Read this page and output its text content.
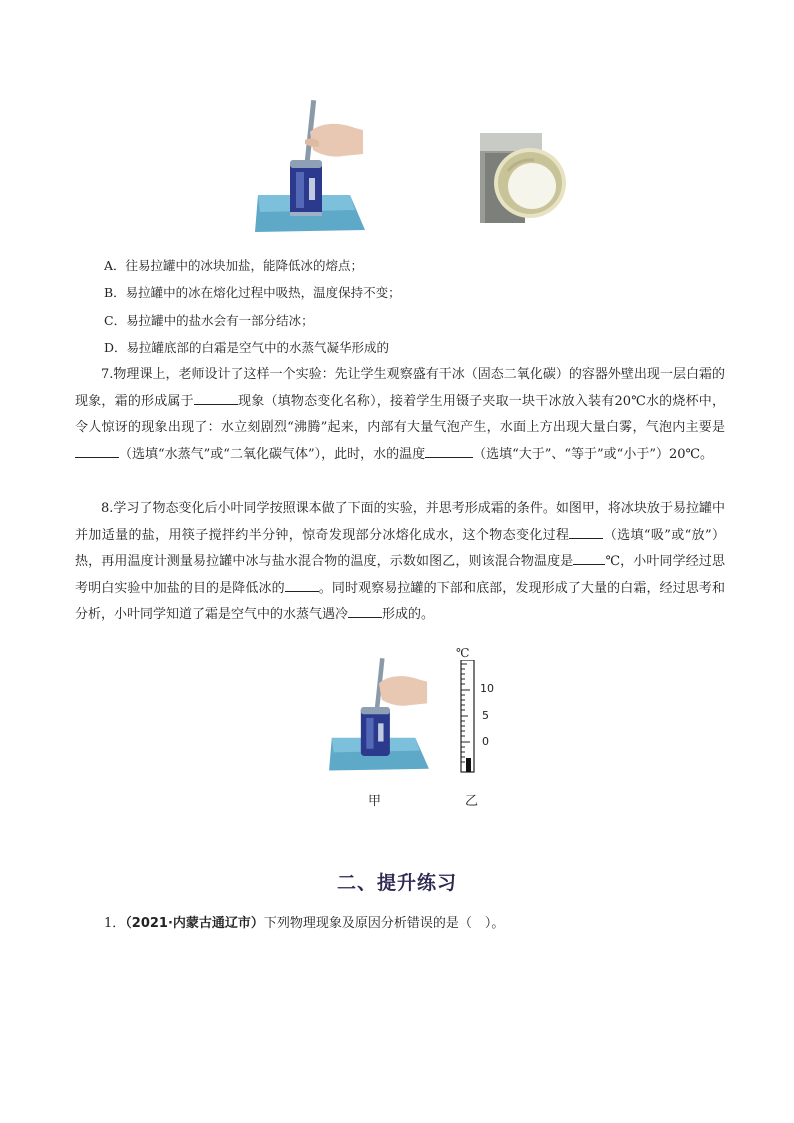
A．往易拉罐中的冰块加盐，能降低冰的熔点；
B．易拉罐中的冰在熔化过程中吸热，温度保持不变；
C．易拉罐中的盐水会有一部分结冰；
D．易拉罐底部的白霜是空气中的水蒸气凝华形成的
7.物理课上，老师设计了这样一个实验：先让学生观察盛有干冰（固态二氧化碳）的容器外壁出现一层白霜的现象，霜的形成属于	现象（填物态变化名称），接着学生用镊子夹取一块干冰放入装有20℃水的烧杯中，令人惊讶的现象出现了：水立刻剧烈“沸腾”起来，内部有大量气泡产生，水面上方出现大量白雾，气泡内主要是（选填“水蒸气”或“二氧化碳气体”），此时，水的温度	（选填“大于”、“等于”或“小于”）20℃。
8.学习了物态变化后小叶同学按照课本做了下面的实验，并思考形成霜的条件。如图甲，将冰块放于易拉罐中并加适量的盐，用筷子搅拌约半分钟，惊奇发现部分冰熔化成水，这个物态变化过程	（选填“吸”或“放”）热，再用温度计测量易拉罐中冰与盐水混合物的温度，示数如图乙，则该混合物温度是 ℃，小叶同学经过思考明白实验中加盐的目的是降低冰的	。同时观察易拉罐的下部和底部，发现形成了大量的白霜，经过思考和分析，小叶同学知道了霜是空气中的水蒸气遇冷	形成的。
℃
10
5
0
甲	乙
二、提升练习
1．（2021·内蒙古通辽市）下列物理现象及原因分析错误的是（　）。
